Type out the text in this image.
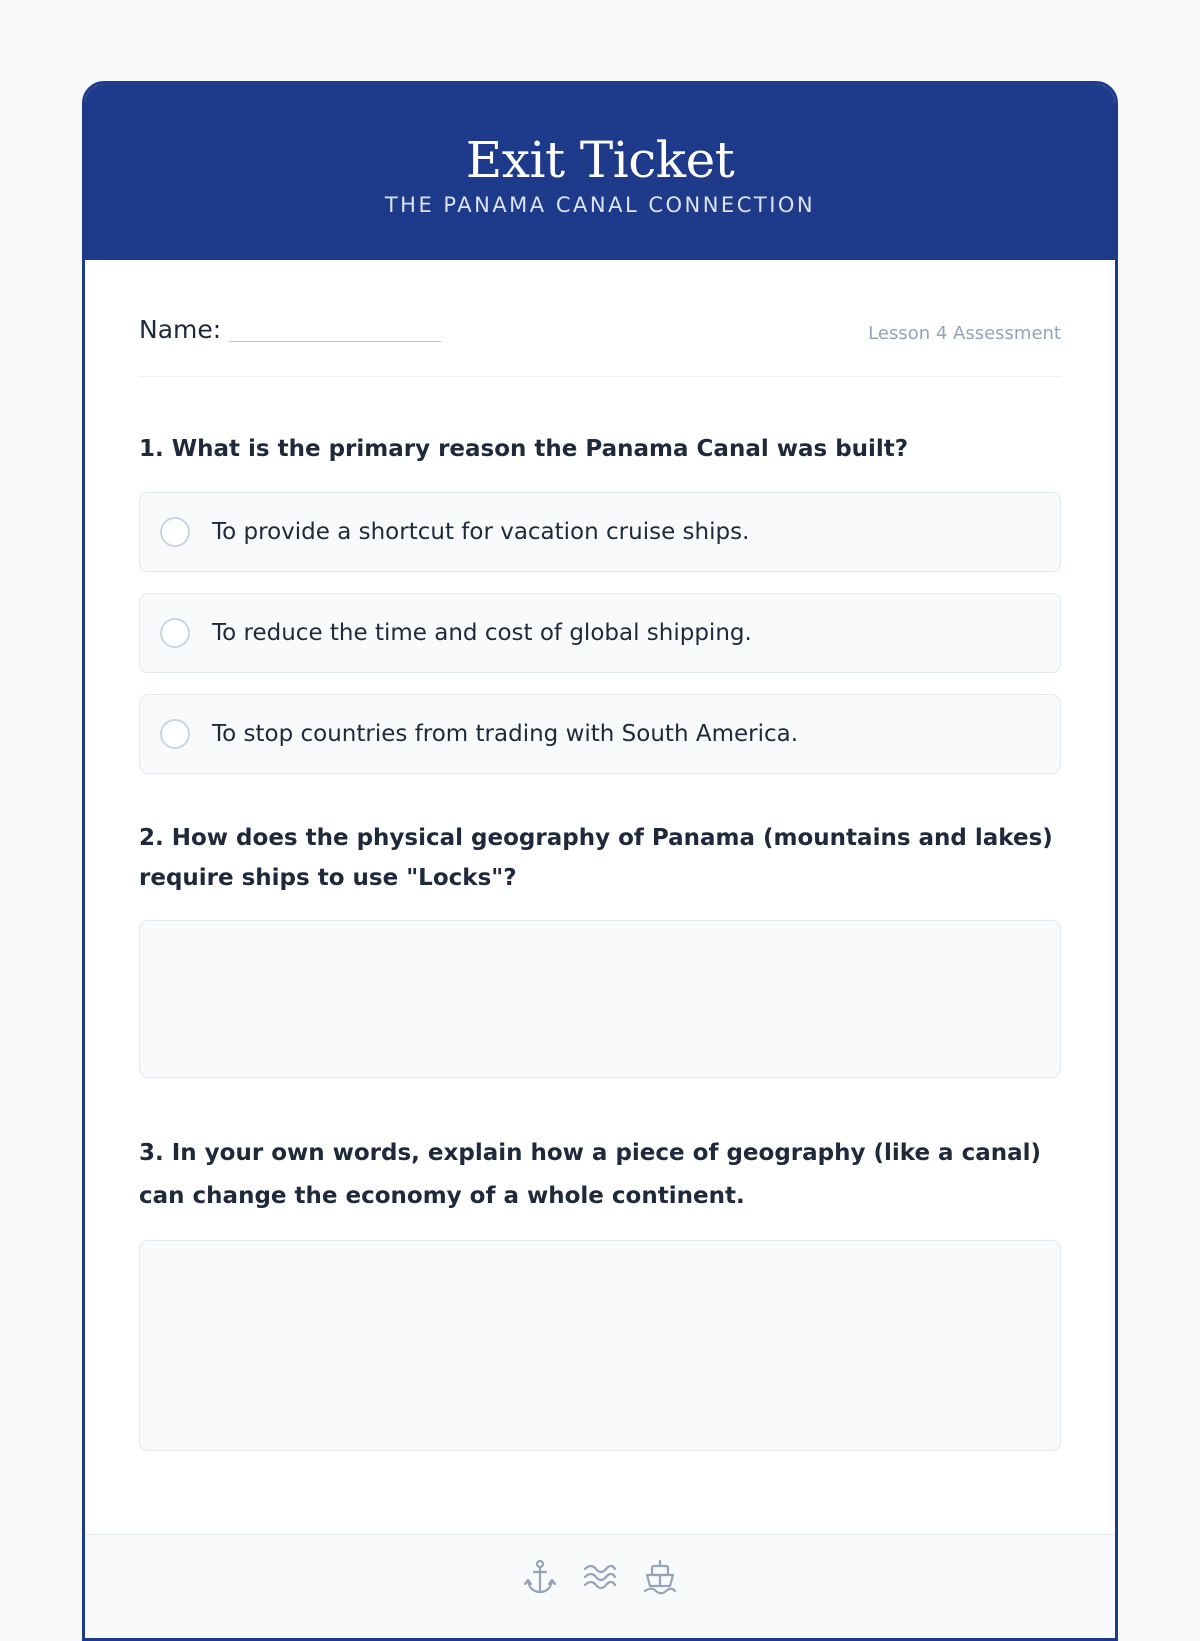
Exit Ticket
THE PANAMA CANAL CONNECTION
Name:	Lesson 4 Assessment

1. What is the primary reason the Panama Canal was built?

To provide a shortcut for vacation cruise ships.
To reduce the time and cost of global shipping.
To stop countries from trading with South America.

2. How does the physical geography of Panama (mountains and lakes) require ships to use "Locks"?

3. In your own words, explain how a piece of geography (like a canal) can change the economy of a whole continent.
